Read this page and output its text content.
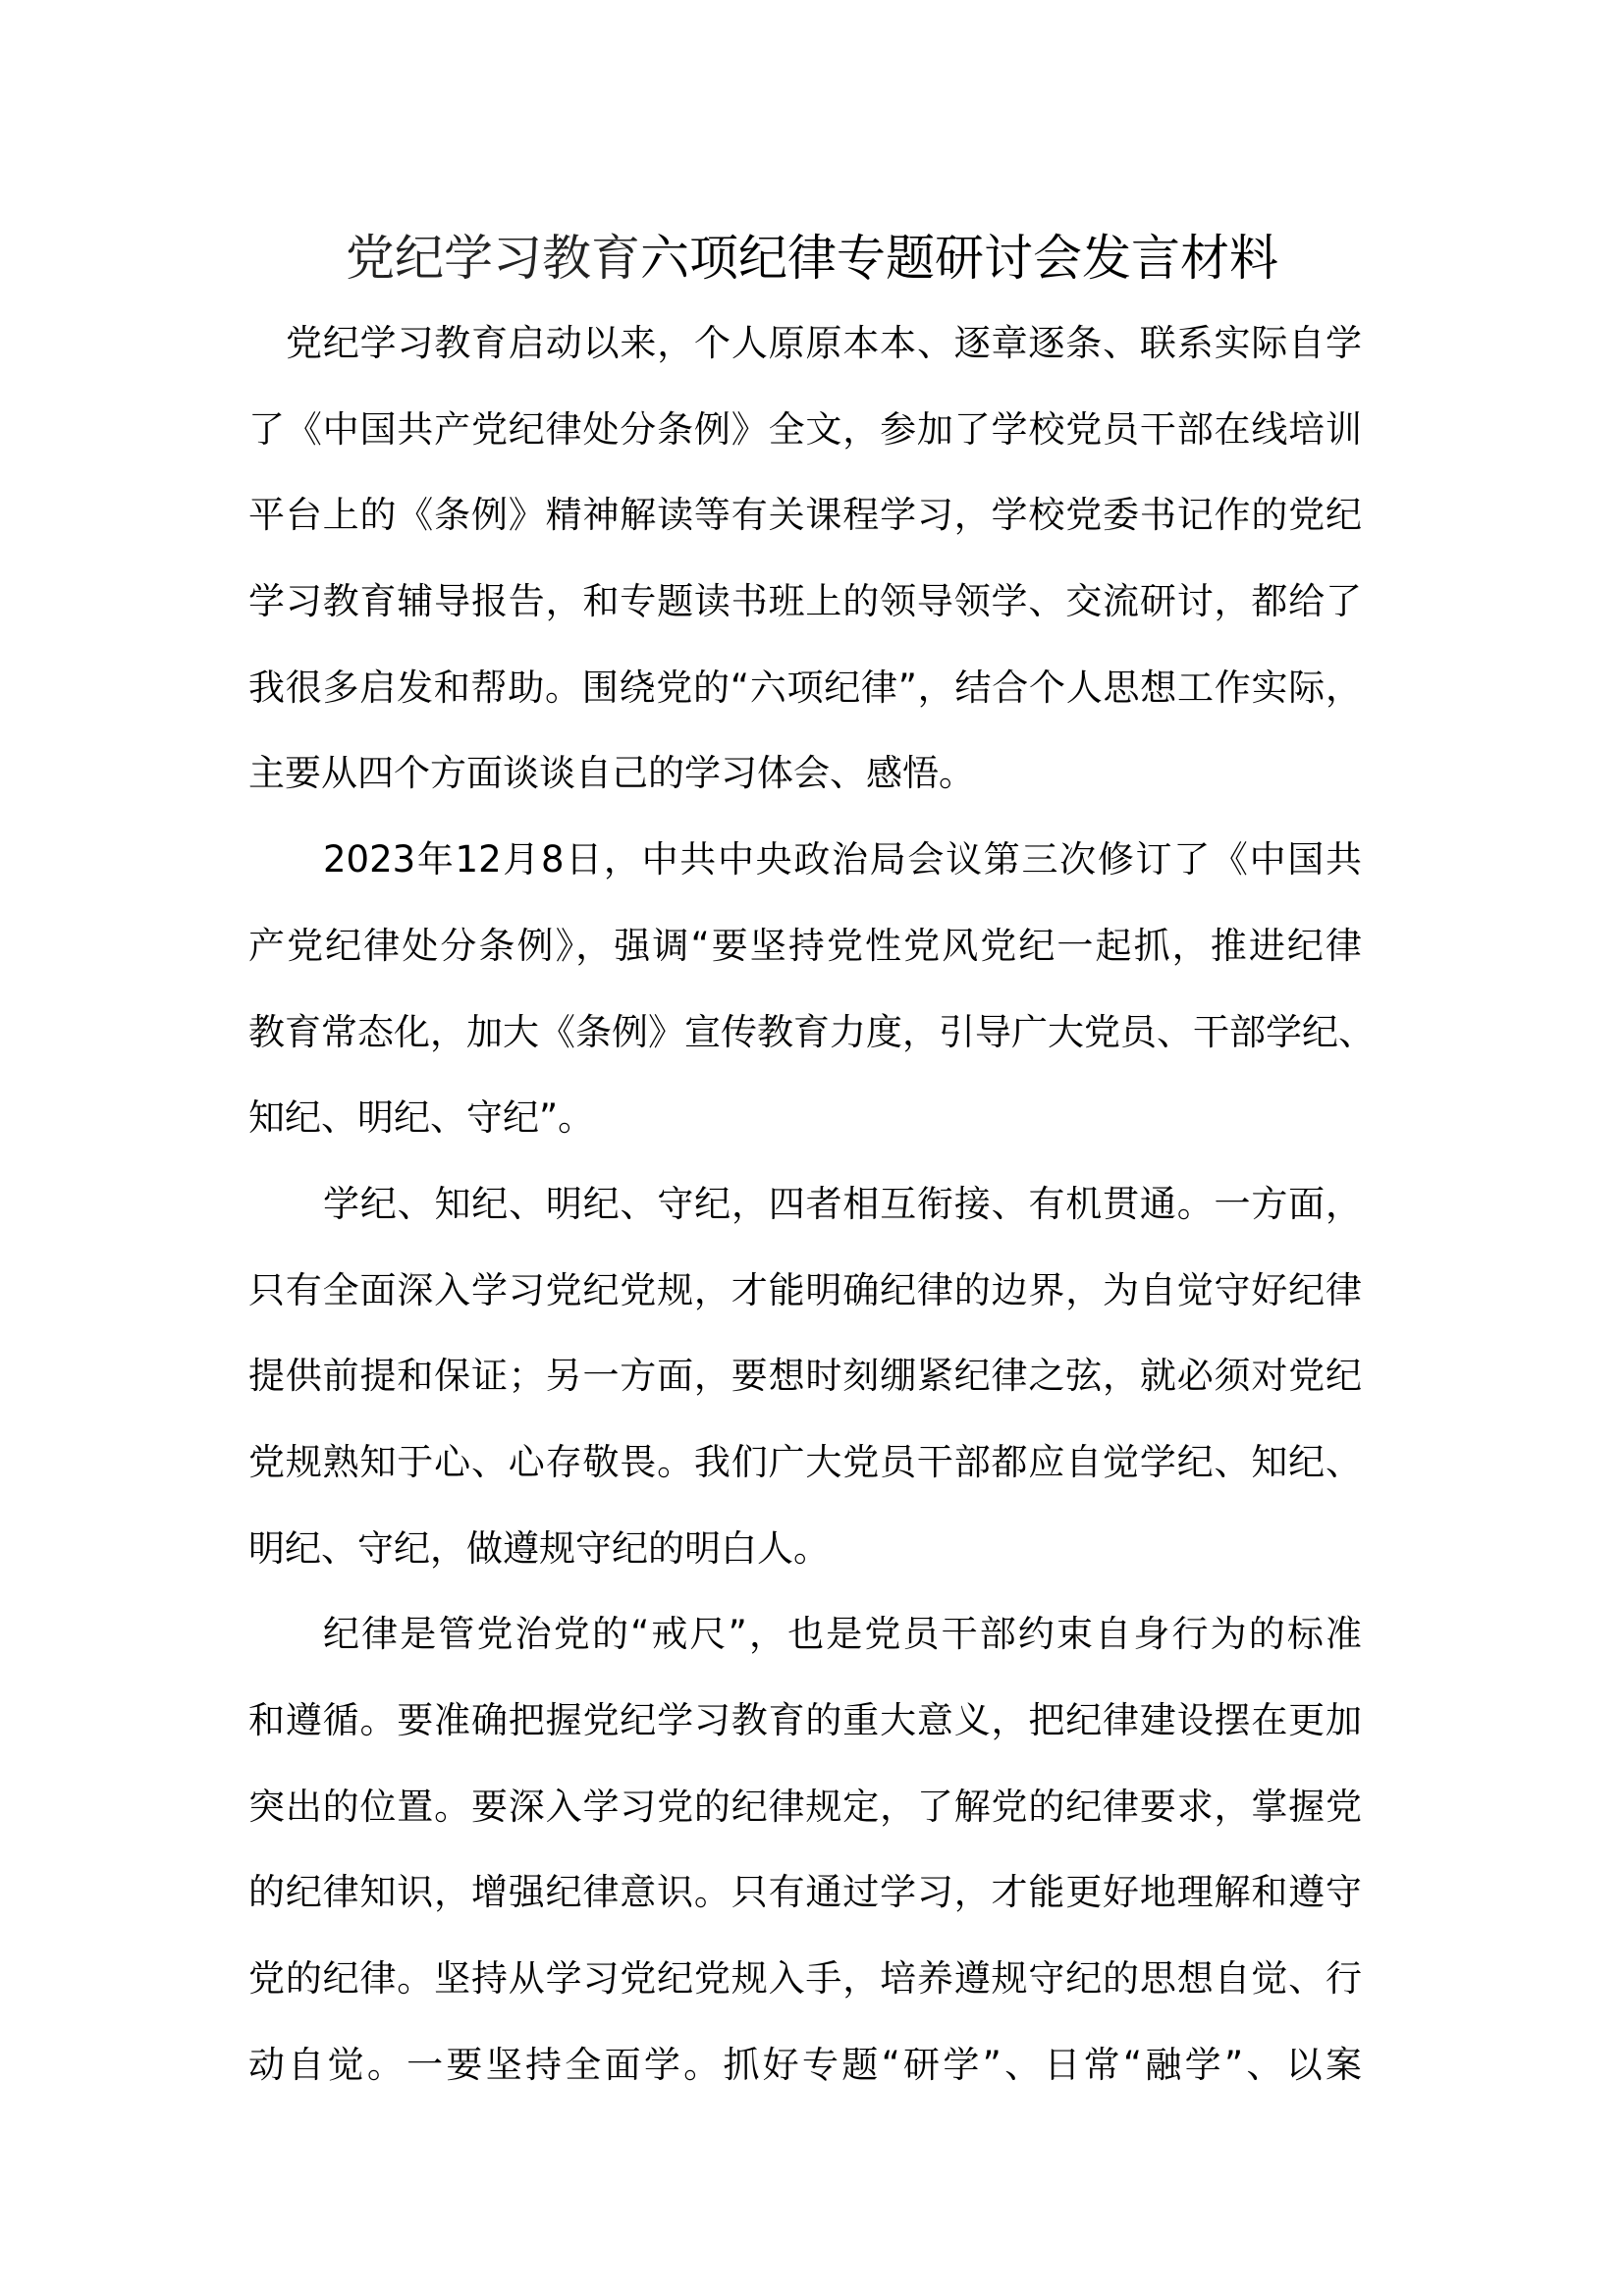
党纪学习教育六项纪律专题研讨会发言材料
党纪学习教育启动以来，个人原原本本、逐章逐条、联系实际自学
了《中国共产党纪律处分条例》全文，参加了学校党员干部在线培训
平台上的《条例》精神解读等有关课程学习，学校党委书记作的党纪
学习教育辅导报告，和专题读书班上的领导领学、交流研讨，都给了
我很多启发和帮助。围绕党的“六项纪律”，结合个人思想工作实际，
主要从四个方面谈谈自己的学习体会、感悟。
2023年12月8日，中共中央政治局会议第三次修订了《中国共
产党纪律处分条例》，强调“要坚持党性党风党纪一起抓，推进纪律
教育常态化，加大《条例》宣传教育力度，引导广大党员、干部学纪、
知纪、明纪、守纪”。
学纪、知纪、明纪、守纪，四者相互衔接、有机贯通。一方面，
只有全面深入学习党纪党规，才能明确纪律的边界，为自觉守好纪律
提供前提和保证；另一方面，要想时刻绷紧纪律之弦，就必须对党纪
党规熟知于心、心存敬畏。我们广大党员干部都应自觉学纪、知纪、
明纪、守纪，做遵规守纪的明白人。
纪律是管党治党的“戒尺”，也是党员干部约束自身行为的标准
和遵循。要准确把握党纪学习教育的重大意义，把纪律建设摆在更加
突出的位置。要深入学习党的纪律规定，了解党的纪律要求，掌握党
的纪律知识，增强纪律意识。只有通过学习，才能更好地理解和遵守
党的纪律。坚持从学习党纪党规入手，培养遵规守纪的思想自觉、行
动自觉。一要坚持全面学。抓好专题“研学”、日常“融学”、以案
